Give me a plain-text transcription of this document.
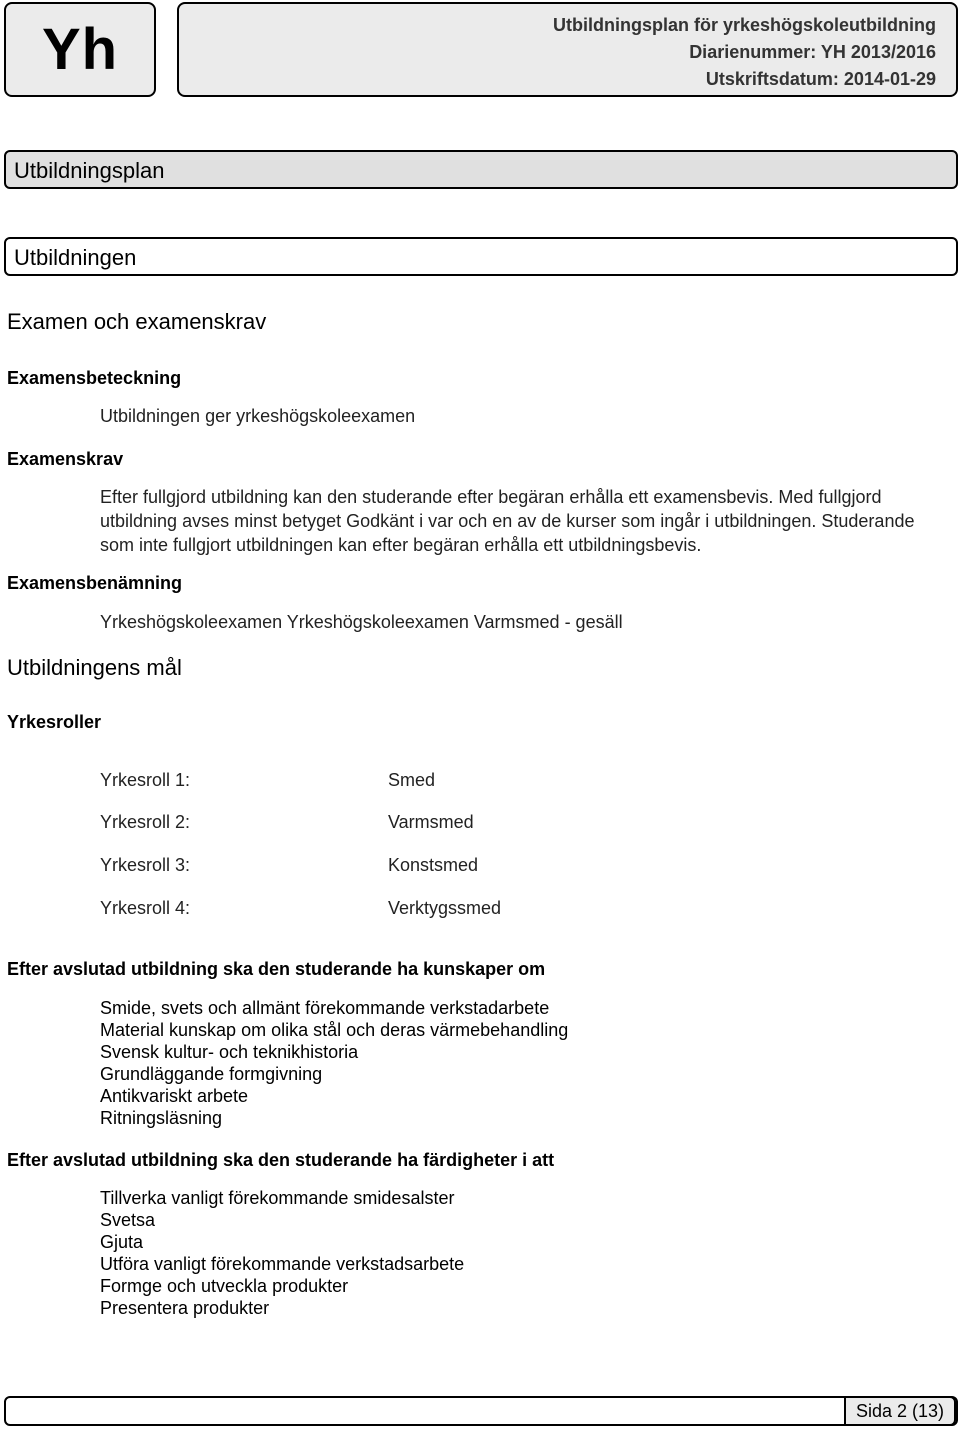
Yh	Utbildningsplan för yrkeshögskoleutbildning
Diarienummer: YH 2013/2016
Utskriftsdatum: 2014-01-29
Utbildningsplan
Utbildningen
Examen och examenskrav
Examensbeteckning
Utbildningen ger yrkeshögskoleexamen
Examenskrav
Efter fullgjord utbildning kan den studerande efter begäran erhålla ett examensbevis. Med fullgjord utbildning avses minst betyget Godkänt i var och en av de kurser som ingår i utbildningen. Studerande som inte fullgjort utbildningen kan efter begäran erhålla ett utbildningsbevis.
Examensbenämning
Yrkeshögskoleexamen Yrkeshögskoleexamen Varmsmed - gesäll
Utbildningens mål
Yrkesroller
Yrkesroll 1:	Smed
Yrkesroll 2:	Varmsmed
Yrkesroll 3:	Konstsmed
Yrkesroll 4:	Verktygssmed
Efter avslutad utbildning ska den studerande ha kunskaper om
Smide, svets och allmänt förekommande verkstadarbete
Material kunskap om olika stål och deras värmebehandling
Svensk kultur- och teknikhistoria
Grundläggande formgivning
Antikvariskt arbete
Ritningsläsning
Efter avslutad utbildning ska den studerande ha färdigheter i att
Tillverka vanligt förekommande smidesalster
Svetsa
Gjuta
Utföra vanligt förekommande verkstadsarbete
Formge och utveckla produkter
Presentera produkter
Sida 2 (13)
